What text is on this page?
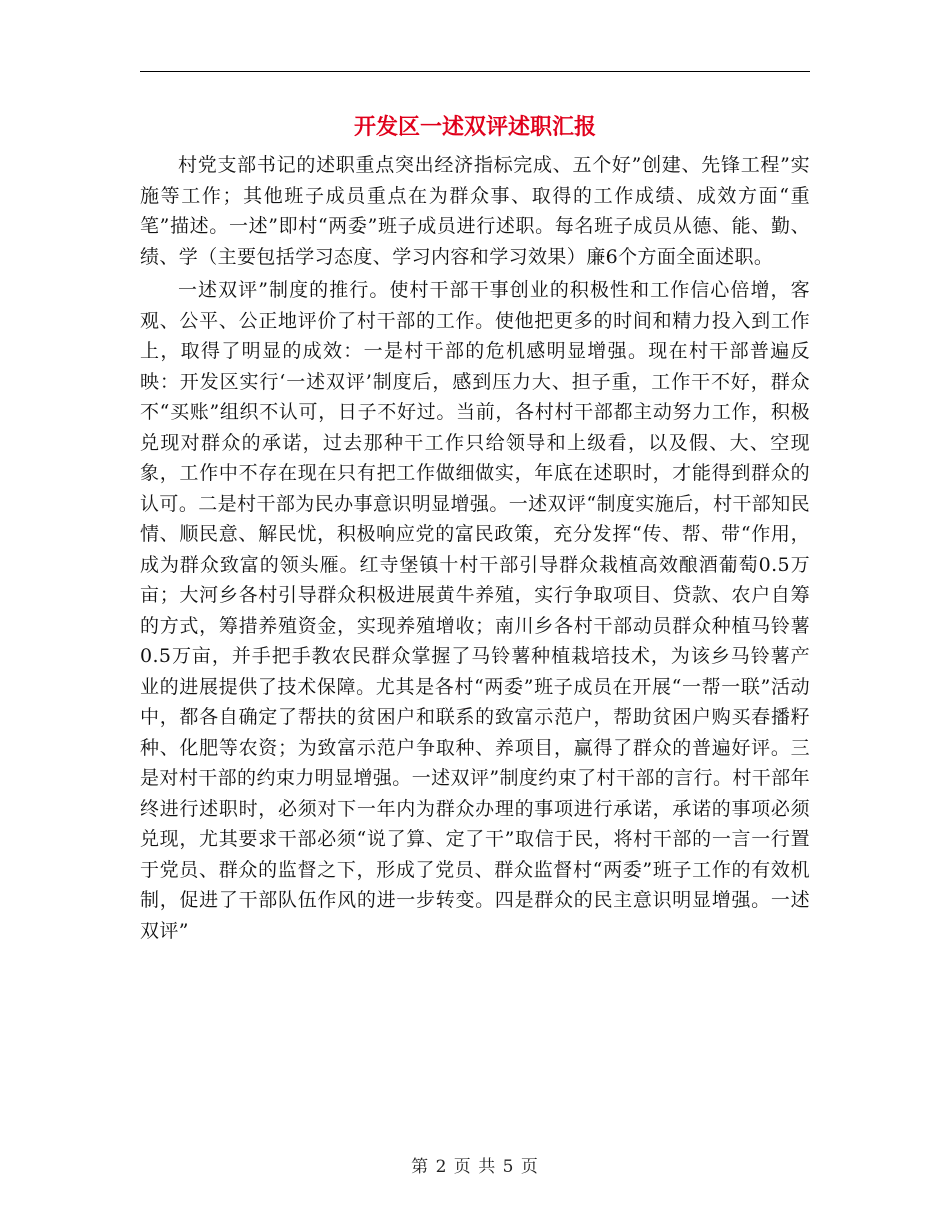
开发区一述双评述职汇报

村党支部书记的述职重点突出经济指标完成、五个好”创建、先锋工程”实施等工作；其他班子成员重点在为群众事、取得的工作成绩、成效方面“重笔”描述。一述”即村“两委”班子成员进行述职。每名班子成员从德、能、勤、绩、学（主要包括学习态度、学习内容和学习效果）廉6个方面全面述职。

一述双评”制度的推行。使村干部干事创业的积极性和工作信心倍增，客观、公平、公正地评价了村干部的工作。使他把更多的时间和精力投入到工作上，取得了明显的成效：一是村干部的危机感明显增强。现在村干部普遍反映：开发区实行‘一述双评’制度后，感到压力大、担子重，工作干不好，群众不“买账”组织不认可，日子不好过。当前，各村村干部都主动努力工作，积极兑现对群众的承诺，过去那种干工作只给领导和上级看，以及假、大、空现象，工作中不存在现在只有把工作做细做实，年底在述职时，才能得到群众的认可。二是村干部为民办事意识明显增强。一述双评“制度实施后，村干部知民情、顺民意、解民忧，积极响应党的富民政策，充分发挥“传、帮、带“作用，成为群众致富的领头雁。红寺堡镇十村干部引导群众栽植高效酿酒葡萄0.5万亩；大河乡各村引导群众积极进展黄牛养殖，实行争取项目、贷款、农户自筹的方式，筹措养殖资金，实现养殖增收；南川乡各村干部动员群众种植马铃薯0.5万亩，并手把手教农民群众掌握了马铃薯种植栽培技术，为该乡马铃薯产业的进展提供了技术保障。尤其是各村“两委”班子成员在开展“一帮一联”活动中，都各自确定了帮扶的贫困户和联系的致富示范户，帮助贫困户购买春播籽种、化肥等农资；为致富示范户争取种、养项目，赢得了群众的普遍好评。三是对村干部的约束力明显增强。一述双评”制度约束了村干部的言行。村干部年终进行述职时，必须对下一年内为群众办理的事项进行承诺，承诺的事项必须兑现，尤其要求干部必须“说了算、定了干”取信于民，将村干部的一言一行置于党员、群众的监督之下，形成了党员、群众监督村“两委”班子工作的有效机制，促进了干部队伍作风的进一步转变。四是群众的民主意识明显增强。一述双评”

第 2 页 共 5 页
